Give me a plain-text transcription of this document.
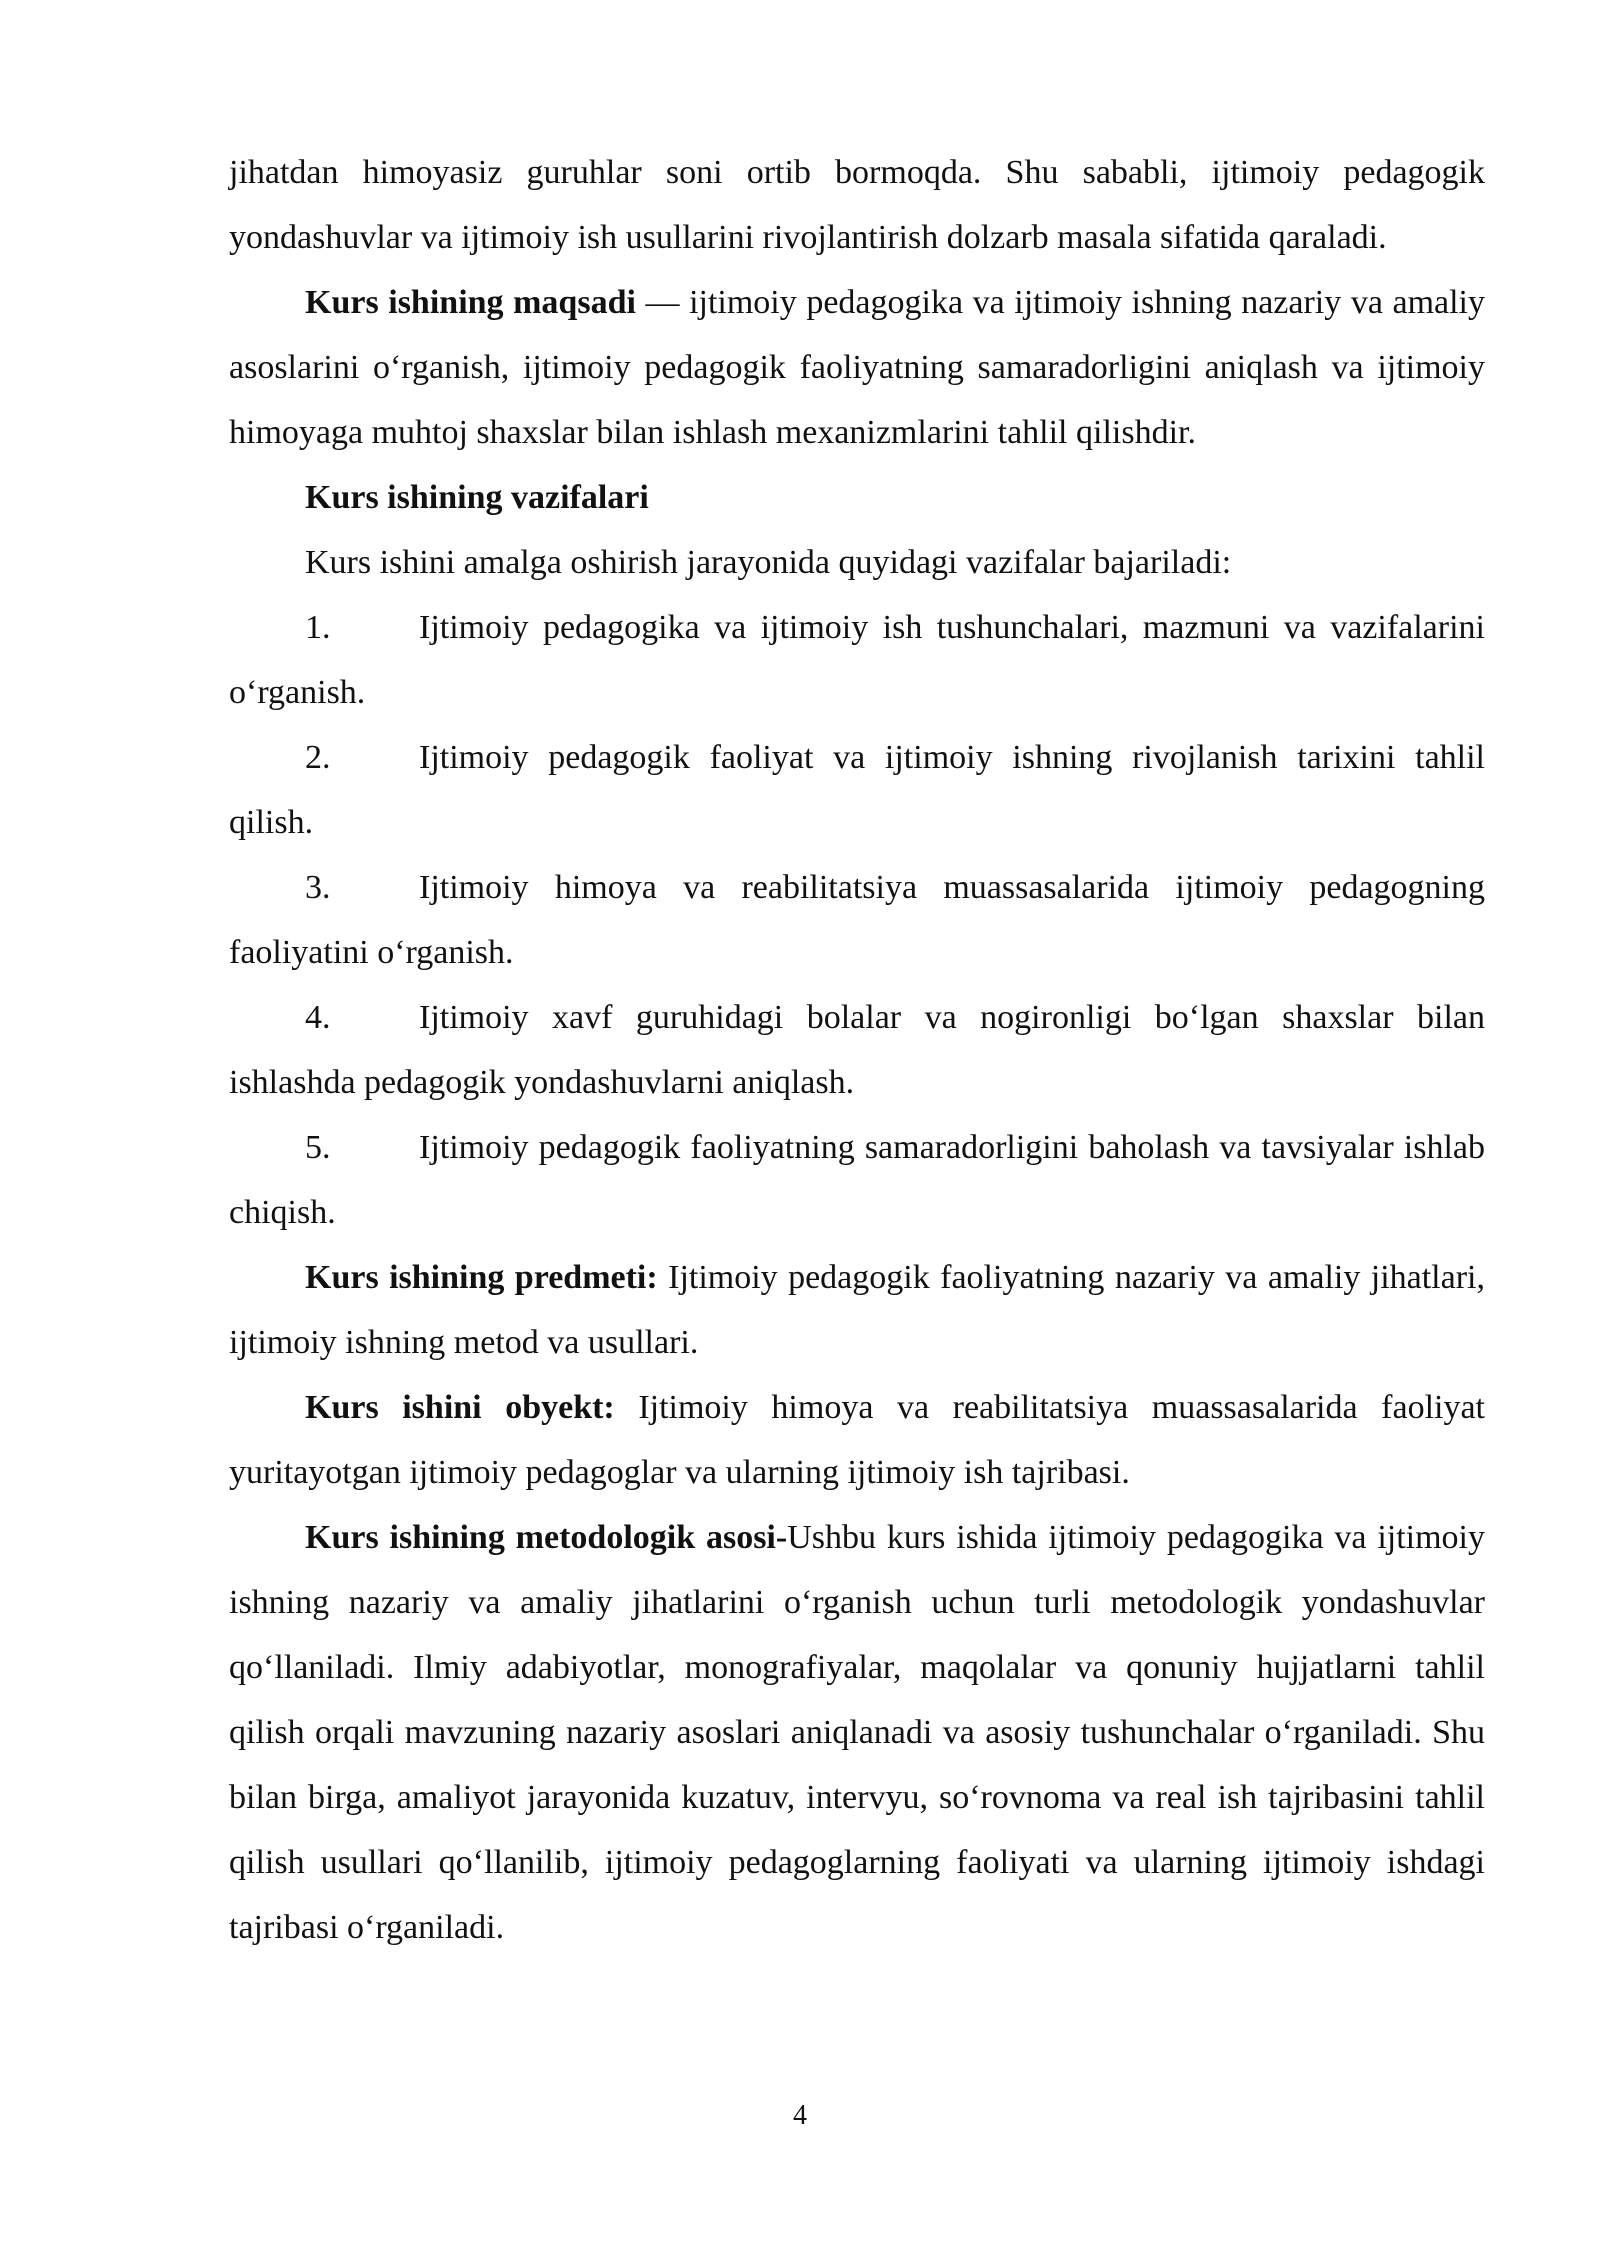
jihatdan himoyasiz guruhlar soni ortib bormoqda. Shu sababli, ijtimoiy pedagogik yondashuvlar va ijtimoiy ish usullarini rivojlantirish dolzarb masala sifatida qaraladi.

Kurs ishining maqsadi — ijtimoiy pedagogika va ijtimoiy ishning nazariy va amaliy asoslarini o‘rganish, ijtimoiy pedagogik faoliyatning samaradorligini aniqlash va ijtimoiy himoyaga muhtoj shaxslar bilan ishlash mexanizmlarini tahlil qilishdir.

Kurs ishining vazifalari

Kurs ishini amalga oshirish jarayonida quyidagi vazifalar bajariladi:

1.	Ijtimoiy pedagogika va ijtimoiy ish tushunchalari, mazmuni va vazifalarini o‘rganish.

2.	Ijtimoiy pedagogik faoliyat va ijtimoiy ishning rivojlanish tarixini tahlil qilish.

3.	Ijtimoiy himoya va reabilitatsiya muassasalarida ijtimoiy pedagogning faoliyatini o‘rganish.

4.	Ijtimoiy xavf guruhidagi bolalar va nogironligi bo‘lgan shaxslar bilan ishlashda pedagogik yondashuvlarni aniqlash.

5.	Ijtimoiy pedagogik faoliyatning samaradorligini baholash va tavsiyalar ishlab chiqish.

Kurs ishining predmeti: Ijtimoiy pedagogik faoliyatning nazariy va amaliy jihatlari, ijtimoiy ishning metod va usullari.

Kurs ishini obyekt: Ijtimoiy himoya va reabilitatsiya muassasalarida faoliyat yuritayotgan ijtimoiy pedagoglar va ularning ijtimoiy ish tajribasi.

Kurs ishining metodologik asosi-Ushbu kurs ishida ijtimoiy pedagogika va ijtimoiy ishning nazariy va amaliy jihatlarini o‘rganish uchun turli metodologik yondashuvlar qo‘llaniladi. Ilmiy adabiyotlar, monografiyalar, maqolalar va qonuniy hujjatlarni tahlil qilish orqali mavzuning nazariy asoslari aniqlanadi va asosiy tushunchalar o‘rganiladi. Shu bilan birga, amaliyot jarayonida kuzatuv, intervyu, so‘rovnoma va real ish tajribasini tahlil qilish usullari qo‘llanilib, ijtimoiy pedagoglarning faoliyati va ularning ijtimoiy ishdagi tajribasi o‘rganiladi.

4
